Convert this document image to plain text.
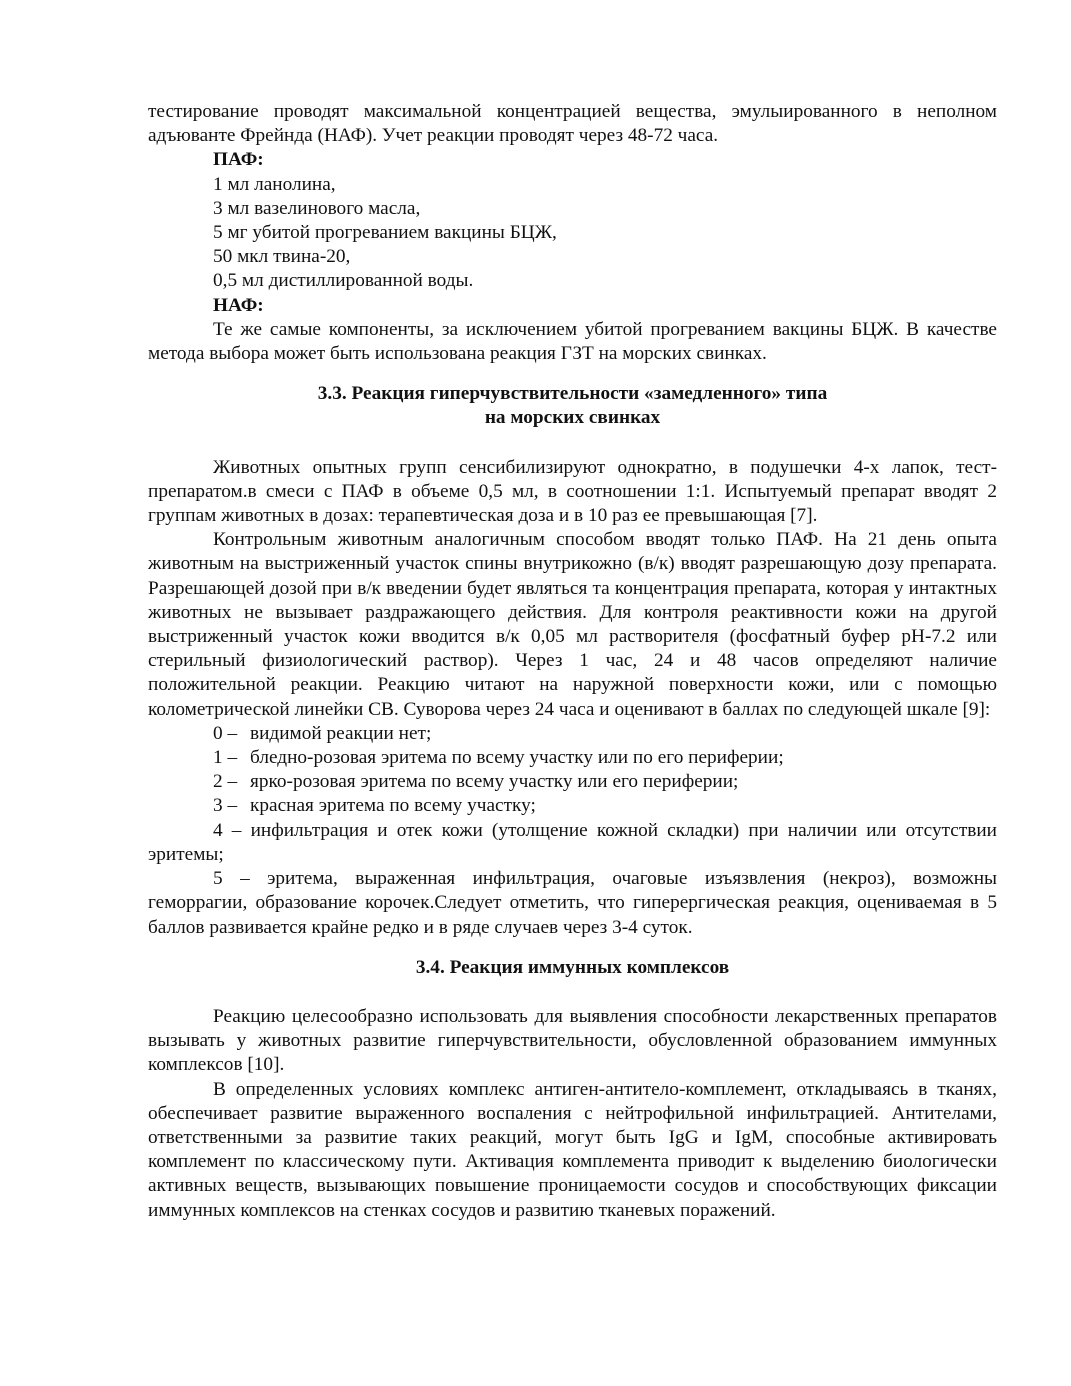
тестирование проводят максимальной концентрацией вещества, эмулыированного в неполном адъюванте Фрейнда (НАФ). Учет реакции проводят через 48-72 часа.

ПАФ:

1 мл ланолина,

3 мл вазелинового масла,

5 мг убитой прогреванием вакцины БЦЖ,

50 мкл твина-20,

0,5 мл дистиллированной воды.

НАФ:

Те же самые компоненты, за исключением убитой прогреванием вакцины БЦЖ. В качестве метода выбора может быть использована реакция ГЗТ на морских свинках.

3.3. Реакция гиперчувствительности «замедленного» типа
на морских свинках

Животных опытных групп сенсибилизируют однократно, в подушечки 4-х лапок, тест-препаратом.в смеси с ПАФ в объеме 0,5 мл, в соотношении 1:1. Испытуемый препарат вводят 2 группам животных в дозах: терапевтическая доза и в 10 раз ее превышающая [7].

Контрольным животным аналогичным способом вводят только ПАФ. На 21 день опыта животным на выстриженный участок спины внутрикожно (в/к) вводят разрешающую дозу препарата. Разрешающей дозой при в/к введении будет являться та концентрация препарата, которая у интактных животных не вызывает раздражающего действия. Для контроля реактивности кожи на другой выстриженный участок кожи вводится в/к 0,05 мл растворителя (фосфатный буфер pH-7.2 или стерильный физиологический раствор). Через 1 час, 24 и 48 часов определяют наличие положительной реакции. Реакцию читают на наружной поверхности кожи, или с помощью колометрической линейки СВ. Суворова через 24 часа и оценивают в баллах по следующей шкале [9]:

0 – видимой реакции нет;

1 – бледно-розовая эритема по всему участку или по его периферии;

2 – ярко-розовая эритема по всему участку или его периферии;

3 – красная эритема по всему участку;

4 – инфильтрация и отек кожи (утолщение кожной складки) при наличии или отсутствии эритемы;

5 – эритема, выраженная инфильтрация, очаговые изъязвления (некроз), возможны геморрагии, образование корочек.Следует отметить, что гиперергическая реакция, оцениваемая в 5 баллов развивается крайне редко и в ряде случаев через 3-4 суток.

3.4. Реакция иммунных комплексов

Реакцию целесообразно использовать для выявления способности лекарственных препаратов вызывать у животных развитие гиперчувствительности, обусловленной образованием иммунных комплексов [10].

В определенных условиях комплекс антиген-антитело-комплемент, откладываясь в тканях, обеспечивает развитие выраженного воспаления с нейтрофильной инфильтрацией. Антителами, ответственными за развитие таких реакций, могут быть IgG и IgM, способные активировать комплемент по классическому пути. Активация комплемента приводит к выделению биологически активных веществ, вызывающих повышение проницаемости сосудов и способствующих фиксации иммунных комплексов на стенках сосудов и развитию тканевых поражений.
